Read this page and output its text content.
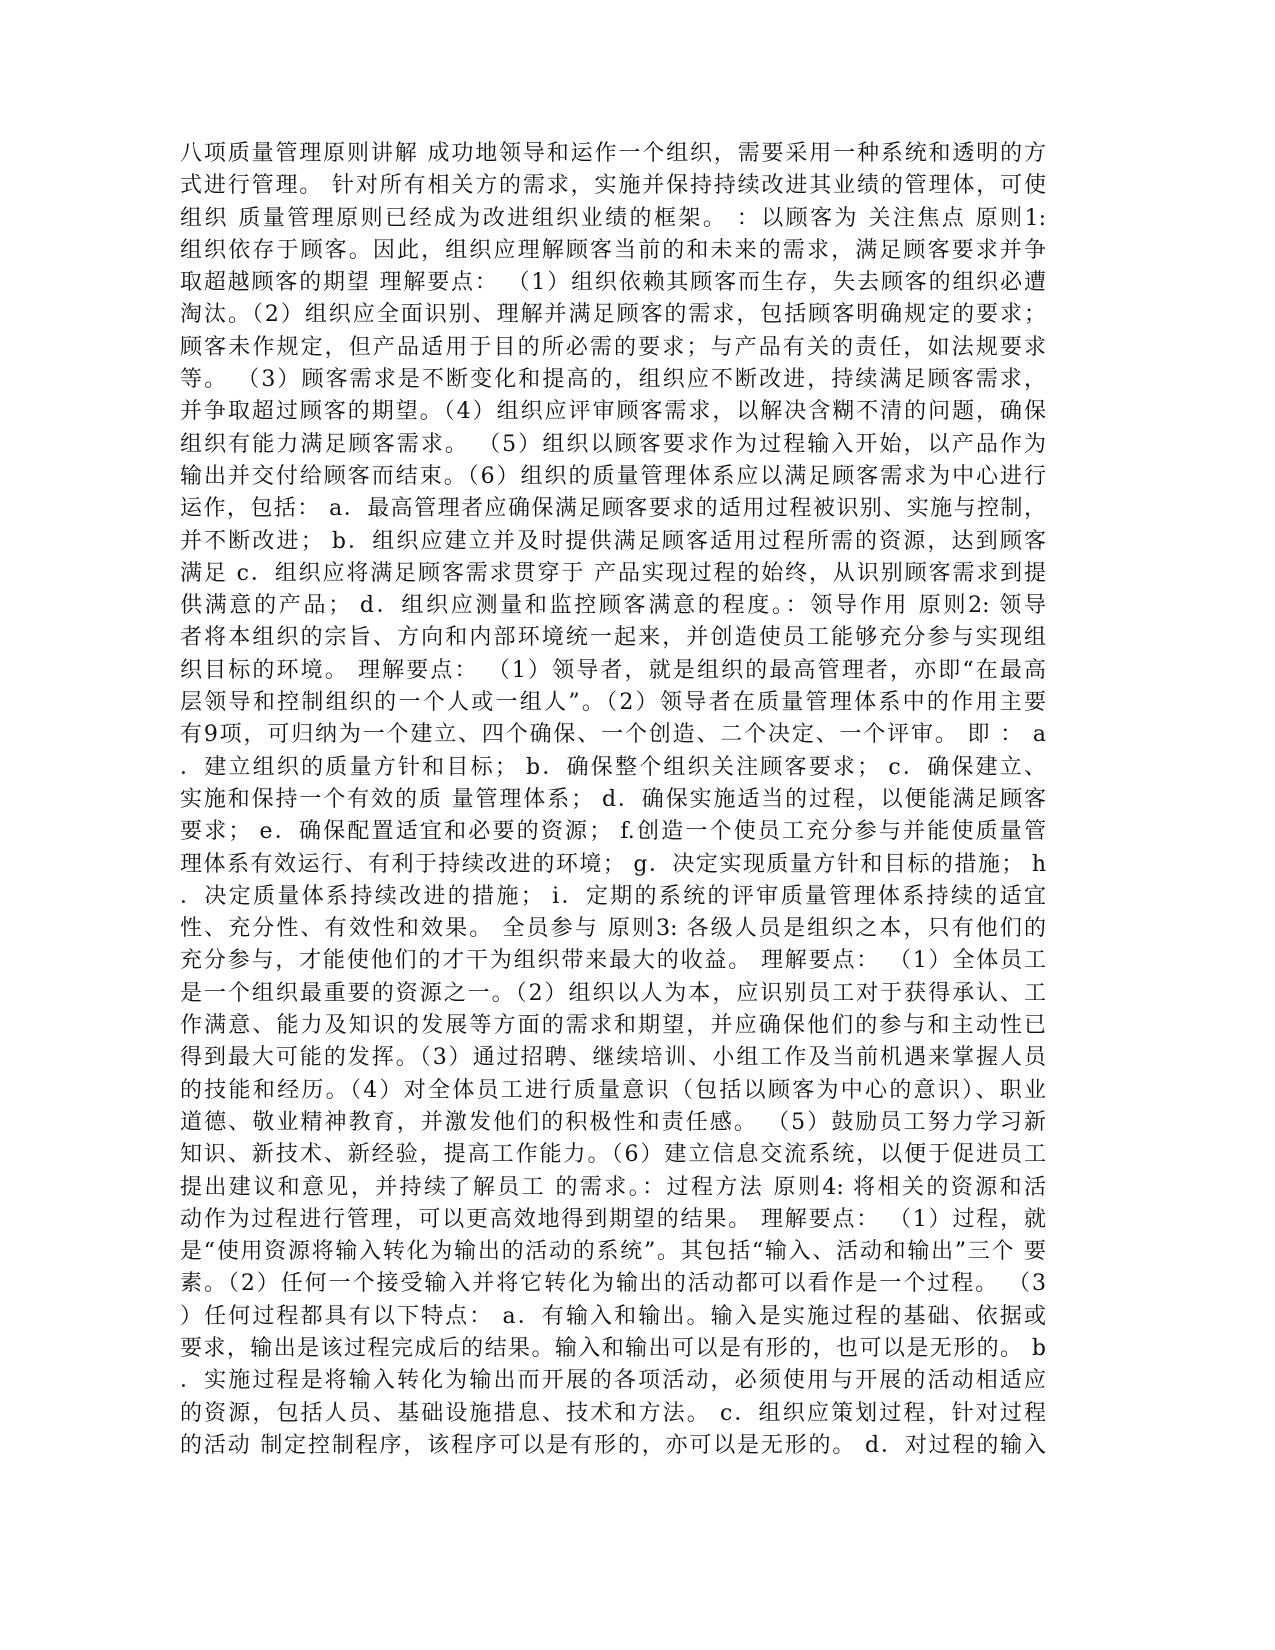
八项质量管理原则讲解 成功地领导和运作一个组织，需要采用一种系统和透明的方
式进行管理。 针对所有相关方的需求，实施并保持持续改进其业绩的管理体，可使
组织 质量管理原则已经成为改进组织业绩的框架。 ：以顾客为 关注焦点 原则1:
组织依存于顾客。因此，组织应理解顾客当前的和未来的需求，满足顾客要求并争
取超越顾客的期望 理解要点： （1）组织依赖其顾客而生存，失去顾客的组织必遭
淘汰。（2）组织应全面识别、理解并满足顾客的需求，包括顾客明确规定的要求；
顾客未作规定，但产品适用于目的所必需的要求；与产品有关的责任，如法规要求
等。 （3）顾客需求是不断变化和提高的，组织应不断改进，持续满足顾客需求，
并争取超过顾客的期望。（4）组织应评审顾客需求，以解决含糊不清的问题，确保
组织有能力满足顾客需求。 （5）组织以顾客要求作为过程输入开始，以产品作为
输出并交付给顾客而结束。（6）组织的质量管理体系应以满足顾客需求为中心进行
运作，包括： a．最高管理者应确保满足顾客要求的适用过程被识别、实施与控制，
并不断改进； b．组织应建立并及时提供满足顾客适用过程所需的资源，达到顾客
满足 c．组织应将满足顾客需求贯穿于 产品实现过程的始终，从识别顾客需求到提
供满意的产品； d．组织应测量和监控顾客满意的程度。：领导作用 原则2: 领导
者将本组织的宗旨、方向和内部环境统一起来，并创造使员工能够充分参与实现组
织目标的环境。 理解要点： （1）领导者，就是组织的最高管理者，亦即“在最高
层领导和控制组织的一个人或一组人”。（2）领导者在质量管理体系中的作用主要
有9项，可归纳为一个建立、四个确保、一个创造、二个决定、一个评审。 即 ： a
．建立组织的质量方针和目标； b．确保整个组织关注顾客要求； c．确保建立、
实施和保持一个有效的质 量管理体系； d．确保实施适当的过程，以便能满足顾客
要求； e．确保配置适宜和必要的资源； f.创造一个使员工充分参与并能使质量管
理体系有效运行、有利于持续改进的环境； g．决定实现质量方针和目标的措施； h
．决定质量体系持续改进的措施； i．定期的系统的评审质量管理体系持续的适宜
性、充分性、有效性和效果。 全员参与 原则3: 各级人员是组织之本，只有他们的
充分参与，才能使他们的才干为组织带来最大的收益。 理解要点： （1）全体员工
是一个组织最重要的资源之一。（2）组织以人为本，应识别员工对于获得承认、工
作满意、能力及知识的发展等方面的需求和期望，并应确保他们的参与和主动性已
得到最大可能的发挥。（3）通过招聘、继续培训、小组工作及当前机遇来掌握人员
的技能和经历。（4）对全体员工进行质量意识（包括以顾客为中心的意识）、职业
道德、敬业精神教育，并激发他们的积极性和责任感。 （5）鼓励员工努力学习新
知识、新技术、新经验，提高工作能力。（6）建立信息交流系统，以便于促进员工
提出建议和意见，并持续了解员工 的需求。：过程方法 原则4: 将相关的资源和活
动作为过程进行管理，可以更高效地得到期望的结果。 理解要点： （1）过程，就
是“使用资源将输入转化为输出的活动的系统”。其包括“输入、活动和输出”三个 要
素。（2）任何一个接受输入并将它转化为输出的活动都可以看作是一个过程。 （3
）任何过程都具有以下特点： a．有输入和输出。输入是实施过程的基础、依据或
要求，输出是该过程完成后的结果。输入和输出可以是有形的，也可以是无形的。 b
．实施过程是将输入转化为输出而开展的各项活动，必须使用与开展的活动相适应
的资源，包括人员、基础设施措息、技术和方法。 c．组织应策划过程，针对过程
的活动 制定控制程序，该程序可以是有形的，亦可以是无形的。 d．对过程的输入
